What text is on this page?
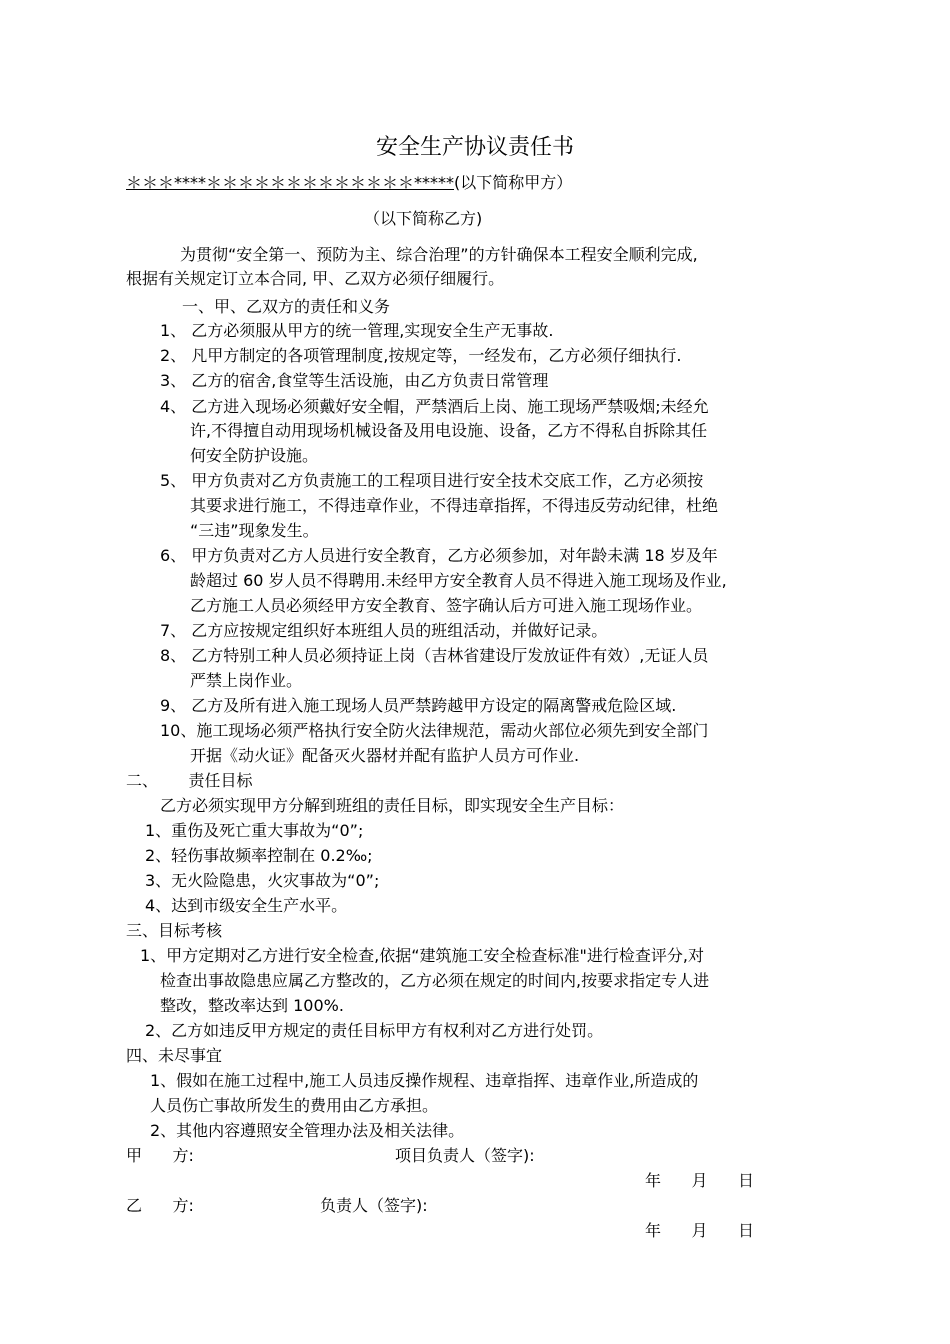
安全生产协议责任书
＊＊＊****＊＊＊＊＊＊＊＊＊＊＊＊＊*****(以下简称甲方）
（以下简称乙方)
为贯彻“安全第一、预防为主、综合治理”的方针确保本工程安全顺利完成,
根据有关规定订立本合同, 甲、乙双方必须仔细履行。
一、甲、乙双方的责任和义务
1、 乙方必须服从甲方的统一管理,实现安全生产无事故.
2、 凡甲方制定的各项管理制度,按规定等，一经发布，乙方必须仔细执行.
3、 乙方的宿舍,食堂等生活设施，由乙方负责日常管理
4、 乙方进入现场必须戴好安全帽，严禁酒后上岗、施工现场严禁吸烟;未经允
许,不得擅自动用现场机械设备及用电设施、设备，乙方不得私自拆除其任
何安全防护设施。
5、 甲方负责对乙方负责施工的工程项目进行安全技术交底工作，乙方必须按
其要求进行施工，不得违章作业，不得违章指挥，不得违反劳动纪律，杜绝
“三违”现象发生。
6、 甲方负责对乙方人员进行安全教育，乙方必须参加，对年龄未满 18 岁及年
龄超过 60 岁人员不得聘用.未经甲方安全教育人员不得进入施工现场及作业,
乙方施工人员必须经甲方安全教育、签字确认后方可进入施工现场作业。
7、 乙方应按规定组织好本班组人员的班组活动，并做好记录。
8、 乙方特别工种人员必须持证上岗（吉林省建设厅发放证件有效）,无证人员
严禁上岗作业。
9、 乙方及所有进入施工现场人员严禁跨越甲方设定的隔离警戒危险区域.
10、施工现场必须严格执行安全防火法律规范，需动火部位必须先到安全部门
开据《动火证》配备灭火器材并配有监护人员方可作业.
二、      责任目标
乙方必须实现甲方分解到班组的责任目标，即实现安全生产目标：
1、重伤及死亡重大事故为“0”;
2、轻伤事故频率控制在 0.2‰;
3、无火险隐患，火灾事故为“0”;
4、达到市级安全生产水平。
三、目标考核
1、甲方定期对乙方进行安全检查,依据“建筑施工安全检查标准"进行检查评分,对
检查出事故隐患应属乙方整改的，乙方必须在规定的时间内,按要求指定专人进
整改，整改率达到 100%.
2、乙方如违反甲方规定的责任目标甲方有权利对乙方进行处罚。
四、未尽事宜
1、假如在施工过程中,施工人员违反操作规程、违章指挥、违章作业,所造成的
人员伤亡事故所发生的费用由乙方承担。
2、其他内容遵照安全管理办法及相关法律。
甲      方:	项目负责人（签字):
年      月      日
乙      方:	负责人（签字):
年      月      日
